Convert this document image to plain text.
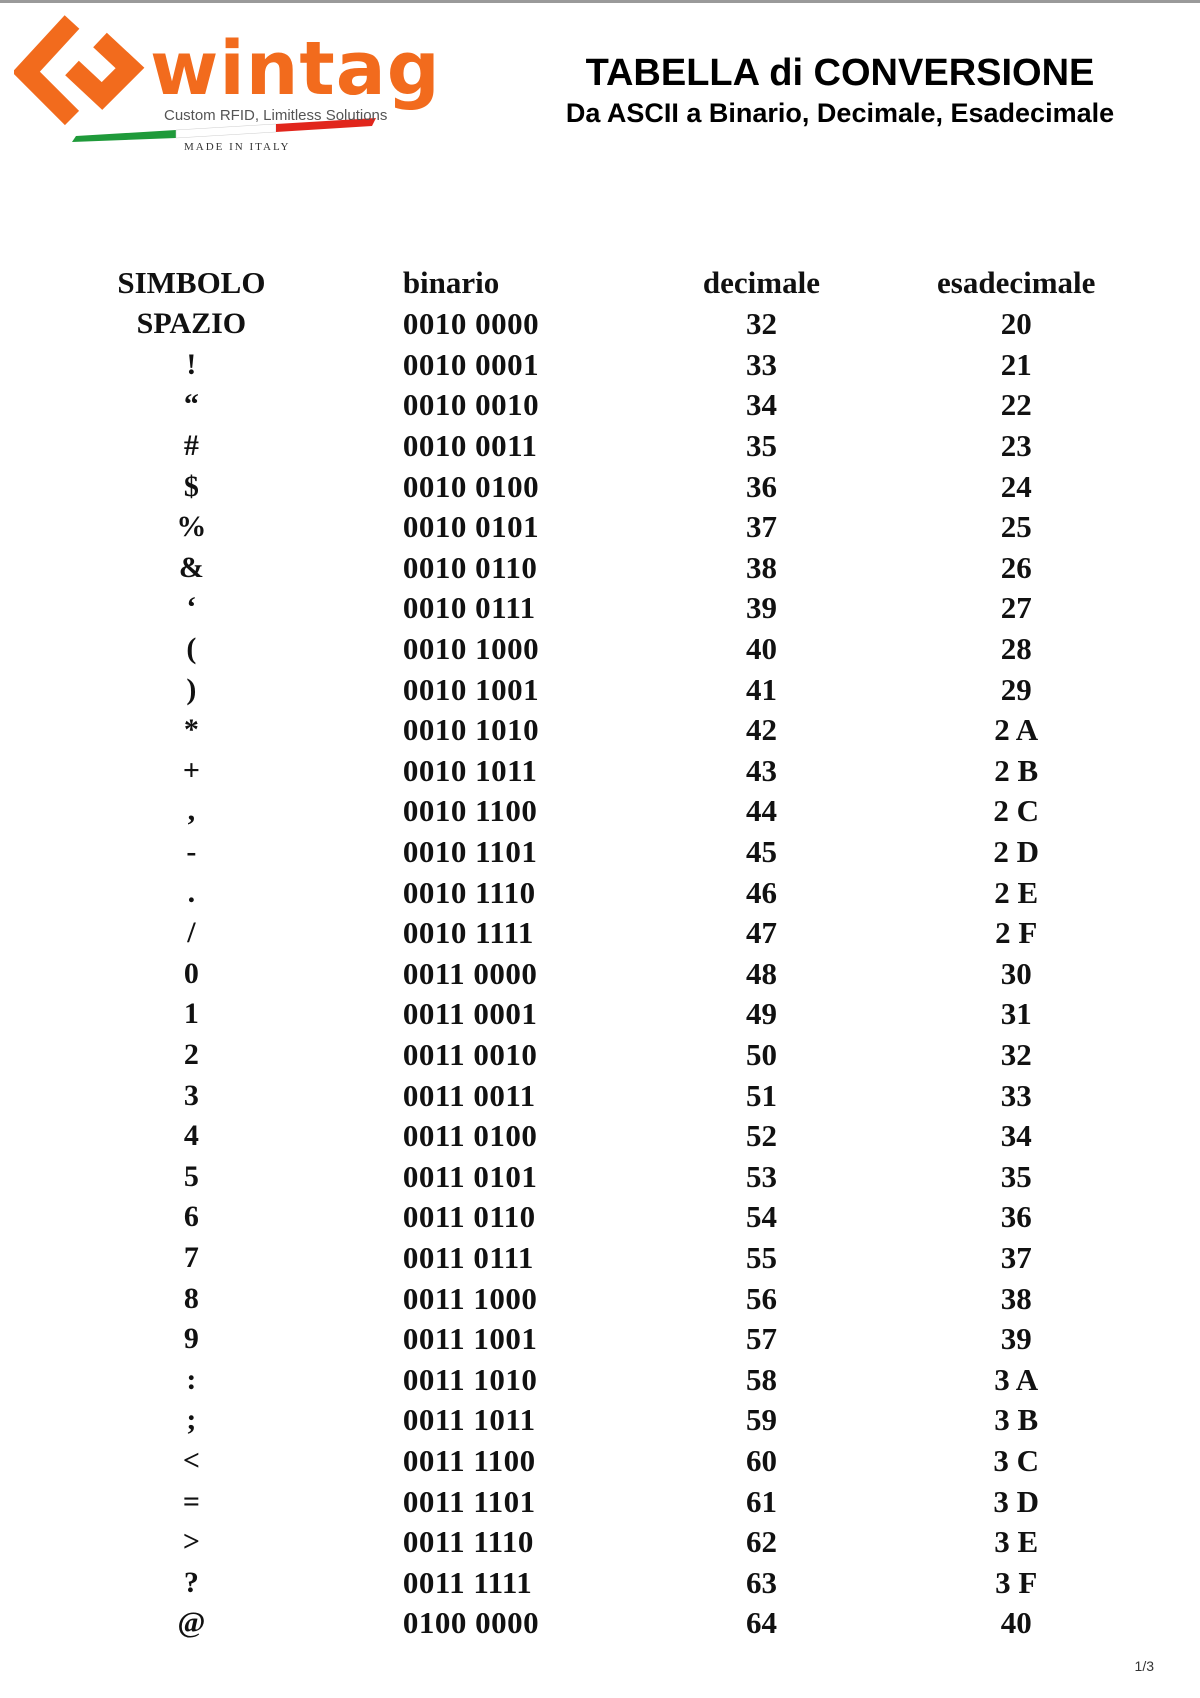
wintag
Custom RFID, Limitless Solutions
MADE IN ITALY
TABELLA di CONVERSIONE
Da ASCII a Binario, Decimale, Esadecimale
SIMBOLO	binario	decimale	esadecimale
SPAZIO	0010 0000	32	20
!	0010 0001	33	21
“	0010 0010	34	22
#	0010 0011	35	23
$	0010 0100	36	24
%	0010 0101	37	25
&	0010 0110	38	26
‘	0010 0111	39	27
(	0010 1000	40	28
)	0010 1001	41	29
*	0010 1010	42	2 A
+	0010 1011	43	2 B
,	0010 1100	44	2 C
-	0010 1101	45	2 D
.	0010 1110	46	2 E
/	0010 1111	47	2 F
0	0011 0000	48	30
1	0011 0001	49	31
2	0011 0010	50	32
3	0011 0011	51	33
4	0011 0100	52	34
5	0011 0101	53	35
6	0011 0110	54	36
7	0011 0111	55	37
8	0011 1000	56	38
9	0011 1001	57	39
:	0011 1010	58	3 A
;	0011 1011	59	3 B
<	0011 1100	60	3 C
=	0011 1101	61	3 D
>	0011 1110	62	3 E
?	0011 1111	63	3 F
@	0100 0000	64	40
1/3
